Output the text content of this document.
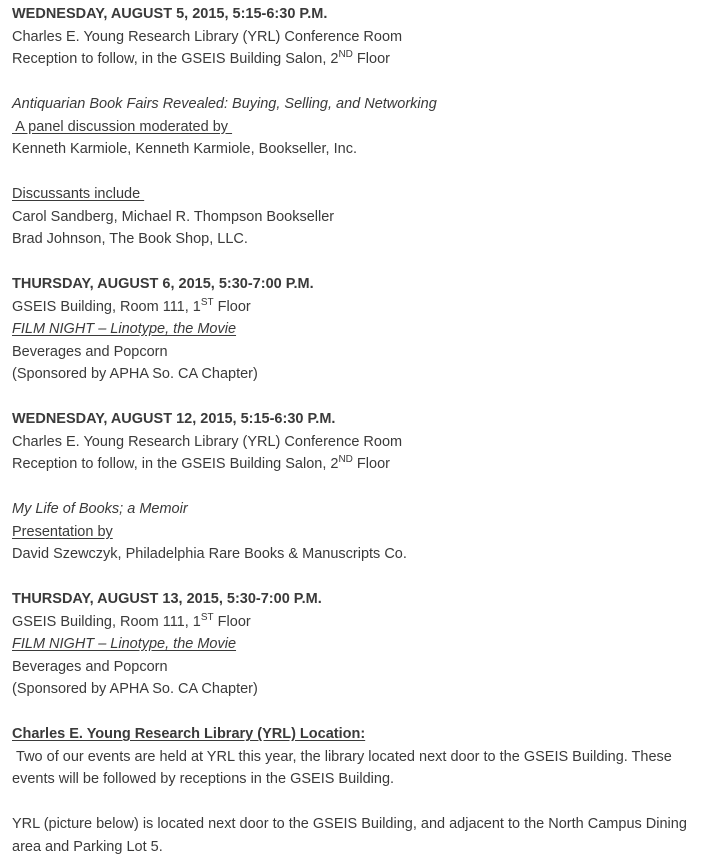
WEDNESDAY, AUGUST 5, 2015, 5:15-6:30 P.M.
Charles E. Young Research Library (YRL) Conference Room
Reception to follow, in the GSEIS Building Salon, 2ND Floor
Antiquarian Book Fairs Revealed: Buying, Selling, and Networking
A panel discussion moderated by
Kenneth Karmiole, Kenneth Karmiole, Bookseller, Inc.
Discussants include
Carol Sandberg, Michael R. Thompson Bookseller
Brad Johnson, The Book Shop, LLC.
THURSDAY, AUGUST 6, 2015, 5:30-7:00 P.M.
GSEIS Building, Room 111, 1ST Floor
FILM NIGHT – Linotype, the Movie
Beverages and Popcorn
(Sponsored by APHA So. CA Chapter)
WEDNESDAY, AUGUST 12, 2015, 5:15-6:30 P.M.
Charles E. Young Research Library (YRL) Conference Room
Reception to follow, in the GSEIS Building Salon, 2ND Floor
My Life of Books; a Memoir
Presentation by
David Szewczyk, Philadelphia Rare Books & Manuscripts Co.
THURSDAY, AUGUST 13, 2015, 5:30-7:00 P.M.
GSEIS Building, Room 111, 1ST Floor
FILM NIGHT – Linotype, the Movie
Beverages and Popcorn
(Sponsored by APHA So. CA Chapter)
Charles E. Young Research Library (YRL) Location:
Two of our events are held at YRL this year, the library located next door to the GSEIS Building. These events will be followed by receptions in the GSEIS Building.
YRL (picture below) is located next door to the GSEIS Building, and adjacent to the North Campus Dining area and Parking Lot 5.
